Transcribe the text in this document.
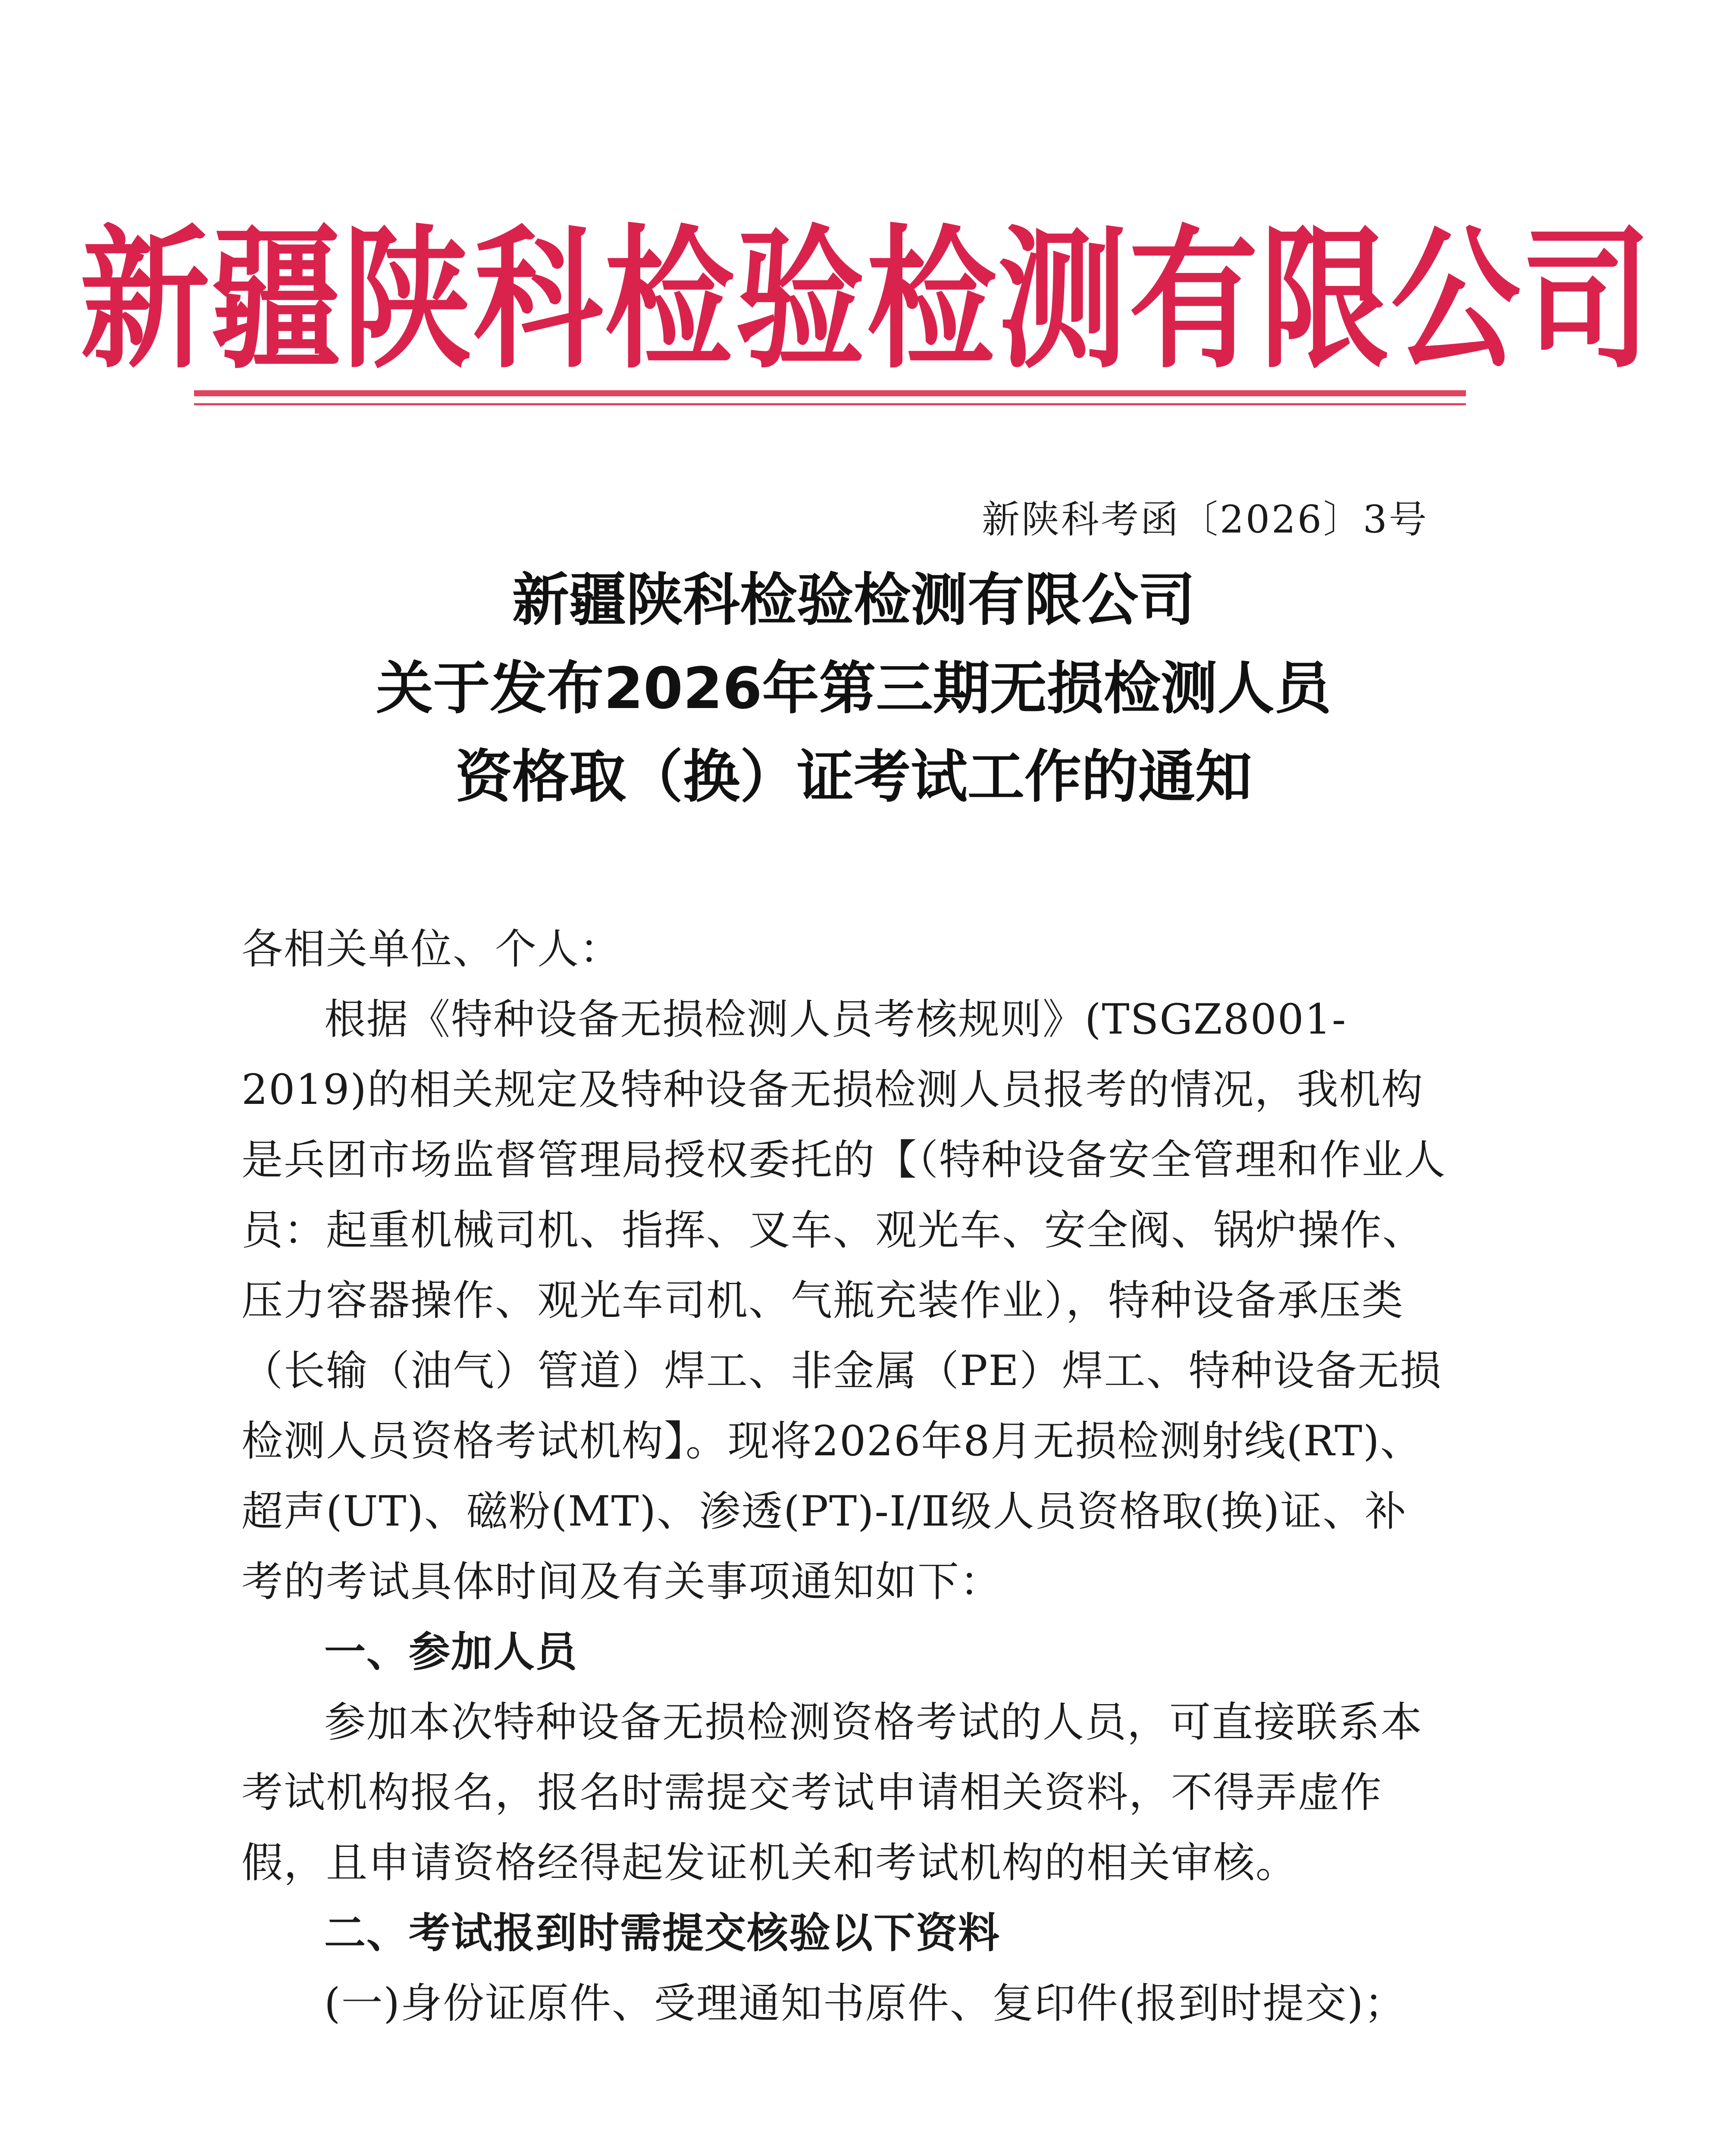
新疆陕科检验检测有限公司
新陕科考函〔2026〕3号
新疆陕科检验检测有限公司
关于发布2026年第三期无损检测人员
资格取（换）证考试工作的通知

各相关单位、个人：

根据《特种设备无损检测人员考核规则》(TSGZ8001-2019)的相关规定及特种设备无损检测人员报考的情况，我机构是兵团市场监督管理局授权委托的【（特种设备安全管理和作业人员：起重机械司机、指挥、叉车、观光车、安全阀、锅炉操作、压力容器操作、观光车司机、气瓶充装作业），特种设备承压类（长输（油气）管道）焊工、非金属（PE）焊工、特种设备无损检测人员资格考试机构】。现将2026年8月无损检测射线(RT)、超声(UT)、磁粉(MT)、渗透(PT)-Ⅰ/Ⅱ级人员资格取(换)证、补考的考试具体时间及有关事项通知如下：

一、参加人员

参加本次特种设备无损检测资格考试的人员，可直接联系本考试机构报名，报名时需提交考试申请相关资料，不得弄虚作假，且申请资格经得起发证机关和考试机构的相关审核。

二、考试报到时需提交核验以下资料

(一)身份证原件、受理通知书原件、复印件(报到时提交)；
